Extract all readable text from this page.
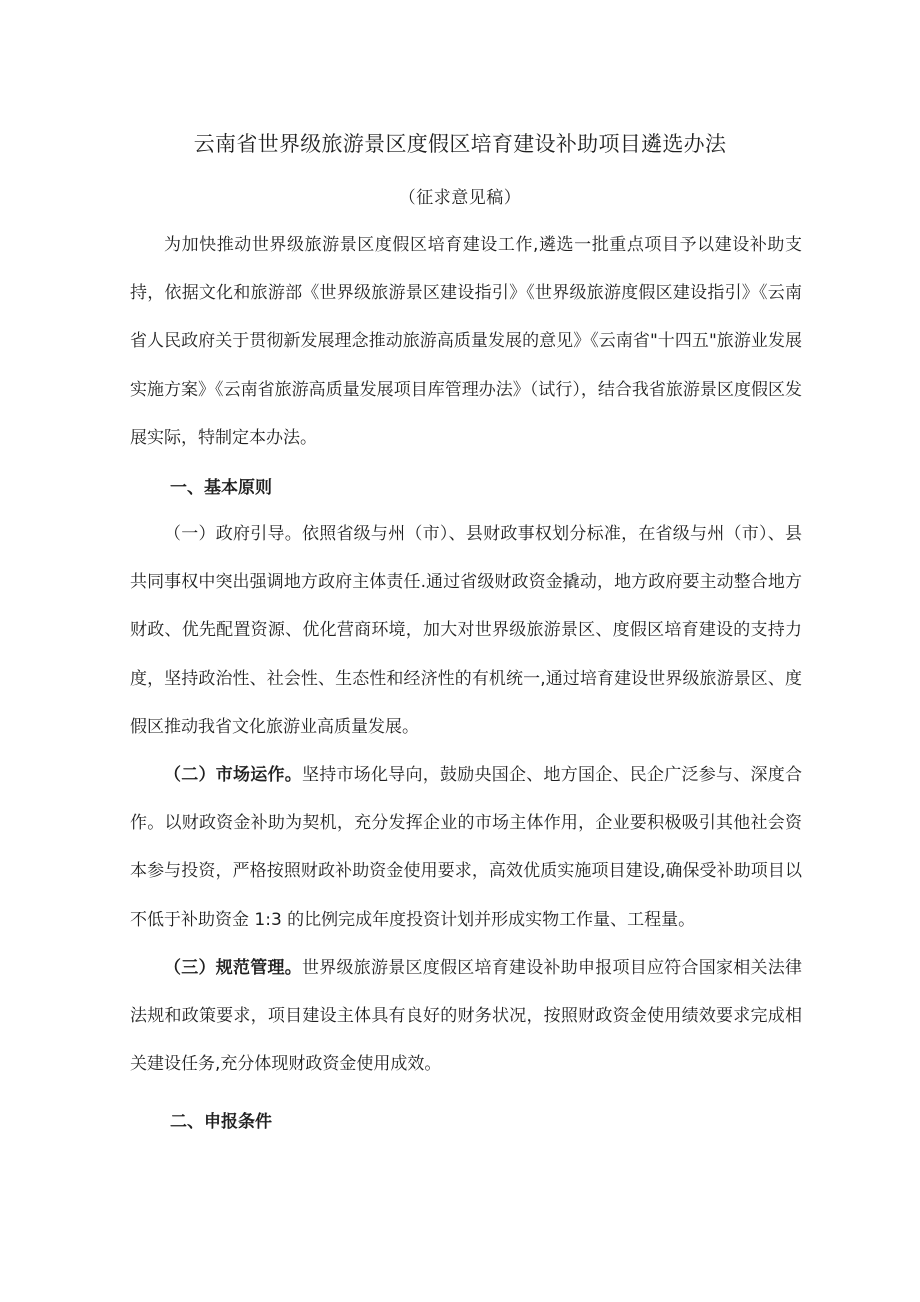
云南省世界级旅游景区度假区培育建设补助项目遴选办法
（征求意见稿）

为加快推动世界级旅游景区度假区培育建设工作,遴选一批重点项目予以建设补助支持，依据文化和旅游部《世界级旅游景区建设指引》《世界级旅游度假区建设指引》《云南省人民政府关于贯彻新发展理念推动旅游高质量发展的意见》《云南省"十四五"旅游业发展实施方案》《云南省旅游高质量发展项目库管理办法》（试行），结合我省旅游景区度假区发展实际，特制定本办法。

一、基本原则

（一）政府引导。依照省级与州（市）、县财政事权划分标准，在省级与州（市）、县共同事权中突出强调地方政府主体责任.通过省级财政资金撬动，地方政府要主动整合地方财政、优先配置资源、优化营商环境，加大对世界级旅游景区、度假区培育建设的支持力度，坚持政治性、社会性、生态性和经济性的有机统一,通过培育建设世界级旅游景区、度假区推动我省文化旅游业高质量发展。

（二）市场运作。坚持市场化导向，鼓励央国企、地方国企、民企广泛参与、深度合作。以财政资金补助为契机，充分发挥企业的市场主体作用，企业要积极吸引其他社会资本参与投资，严格按照财政补助资金使用要求，高效优质实施项目建设,确保受补助项目以不低于补助资金 1:3 的比例完成年度投资计划并形成实物工作量、工程量。

（三）规范管理。世界级旅游景区度假区培育建设补助申报项目应符合国家相关法律法规和政策要求，项目建设主体具有良好的财务状况，按照财政资金使用绩效要求完成相关建设任务,充分体现财政资金使用成效。

二、申报条件
